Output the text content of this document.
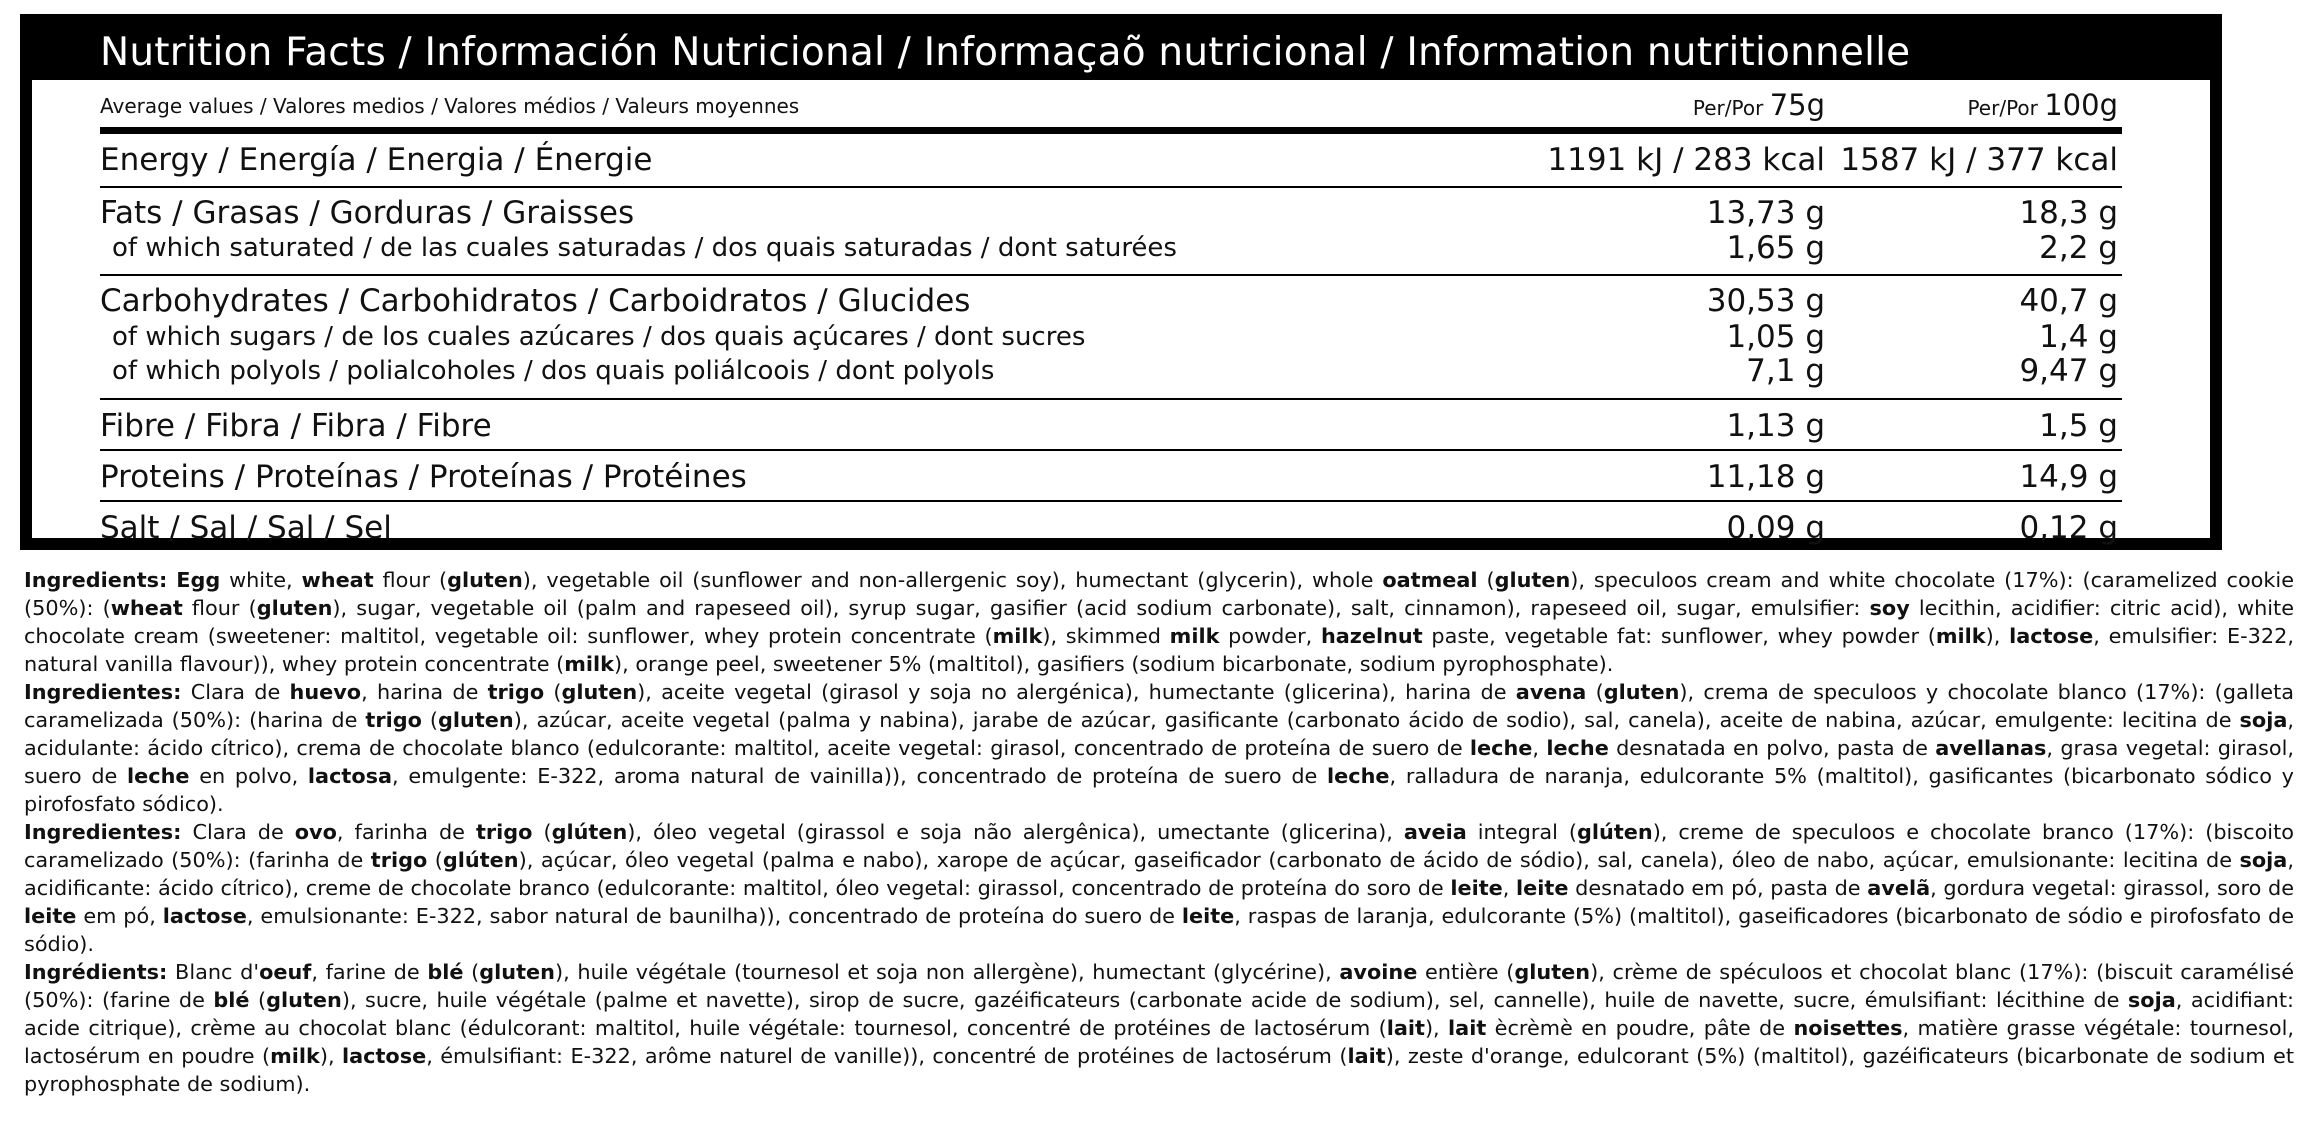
Nutrition Facts / Información Nutricional / Informaçaõ nutricional / Information nutritionnelle
Average values / Valores medios / Valores médios / Valeurs moyennes	Per/Por 75g	Per/Por 100g
Energy / Energía / Energia / Énergie	1191 kJ / 283 kcal 1587 kJ / 377 kcal
Fats / Grasas / Gorduras / Graisses	13,73 g	18,3 g
of which saturated / de las cuales saturadas / dos quais saturadas / dont saturées	1,65 g	2,2 g
Carbohydrates / Carbohidratos / Carboidratos / Glucides	30,53 g	40,7 g
of which sugars / de los cuales azúcares / dos quais açúcares / dont sucres	1,05 g	1,4 g
of which polyols / polialcoholes / dos quais poliálcoois / dont polyols	7,1 g	9,47 g
Fibre / Fibra / Fibra / Fibre	1,13 g	1,5 g
Proteins / Proteínas / Proteínas / Protéines	11,18 g	14,9 g
Salt / Sal / Sal / Sel	0,09 g	0,12 g

Ingredients: Egg white, wheat flour (gluten), vegetable oil (sunflower and non-allergenic soy), humectant (glycerin), whole oatmeal (gluten), speculoos cream and white chocolate (17%): (caramelized cookie (50%): (wheat flour (gluten), sugar, vegetable oil (palm and rapeseed oil), syrup sugar, gasifier (acid sodium carbonate), salt, cinnamon), rapeseed oil, sugar, emulsifier: soy lecithin, acidifier: citric acid), white chocolate cream (sweetener: maltitol, vegetable oil: sunflower, whey protein concentrate (milk), skimmed milk powder, hazelnut paste, vegetable fat: sunflower, whey powder (milk), lactose, emulsifier: E-322, natural vanilla flavour)), whey protein concentrate (milk), orange peel, sweetener 5% (maltitol), gasifiers (sodium bicarbonate, sodium pyrophosphate).

Ingredientes: Clara de huevo, harina de trigo (gluten), aceite vegetal (girasol y soja no alergénica), humectante (glicerina), harina de avena (gluten), crema de speculoos y chocolate blanco (17%): (galleta caramelizada (50%): (harina de trigo (gluten), azúcar, aceite vegetal (palma y nabina), jarabe de azúcar, gasificante (carbonato ácido de sodio), sal, canela), aceite de nabina, azúcar, emulgente: lecitina de soja, acidulante: ácido cítrico), crema de chocolate blanco (edulcorante: maltitol, aceite vegetal: girasol, concentrado de proteína de suero de leche, leche desnatada en polvo, pasta de avellanas, grasa vegetal: girasol, suero de leche en polvo, lactosa, emulgente: E-322, aroma natural de vainilla)), concentrado de proteína de suero de leche, ralladura de naranja, edulcorante 5% (maltitol), gasificantes (bicarbonato sódico y pirofosfato sódico).

Ingredientes: Clara de ovo, farinha de trigo (glúten), óleo vegetal (girassol e soja não alergênica), umectante (glicerina), aveia integral (glúten), creme de speculoos e chocolate branco (17%): (biscoito caramelizado (50%): (farinha de trigo (glúten), açúcar, óleo vegetal (palma e nabo), xarope de açúcar, gaseificador (carbonato de ácido de sódio), sal, canela), óleo de nabo, açúcar, emulsionante: lecitina de soja, acidificante: ácido cítrico), creme de chocolate branco (edulcorante: maltitol, óleo vegetal: girassol, concentrado de proteína do soro de leite, leite desnatado em pó, pasta de avelã, gordura vegetal: girassol, soro de leite em pó, lactose, emulsionante: E-322, sabor natural de baunilha)), concentrado de proteína do suero de leite, raspas de laranja, edulcorante (5%) (maltitol), gaseificadores (bicarbonato de sódio e pirofosfato de sódio).

Ingrédients: Blanc d'oeuf, farine de blé (gluten), huile végétale (tournesol et soja non allergène), humectant (glycérine), avoine entière (gluten), crème de spéculoos et chocolat blanc (17%): (biscuit caramélisé (50%): (farine de blé (gluten), sucre, huile végétale (palme et navette), sirop de sucre, gazéificateurs (carbonate acide de sodium), sel, cannelle), huile de navette, sucre, émulsifiant: lécithine de soja, acidifiant: acide citrique), crème au chocolat blanc (édulcorant: maltitol, huile végétale: tournesol, concentré de protéines de lactosérum (lait), lait ècrèmè en poudre, pâte de noisettes, matière grasse végétale: tournesol, lactosérum en poudre (milk), lactose, émulsifiant: E-322, arôme naturel de vanille)), concentré de protéines de lactosérum (lait), zeste d'orange, edulcorant (5%) (maltitol), gazéificateurs (bicarbonate de sodium et pyrophosphate de sodium).
